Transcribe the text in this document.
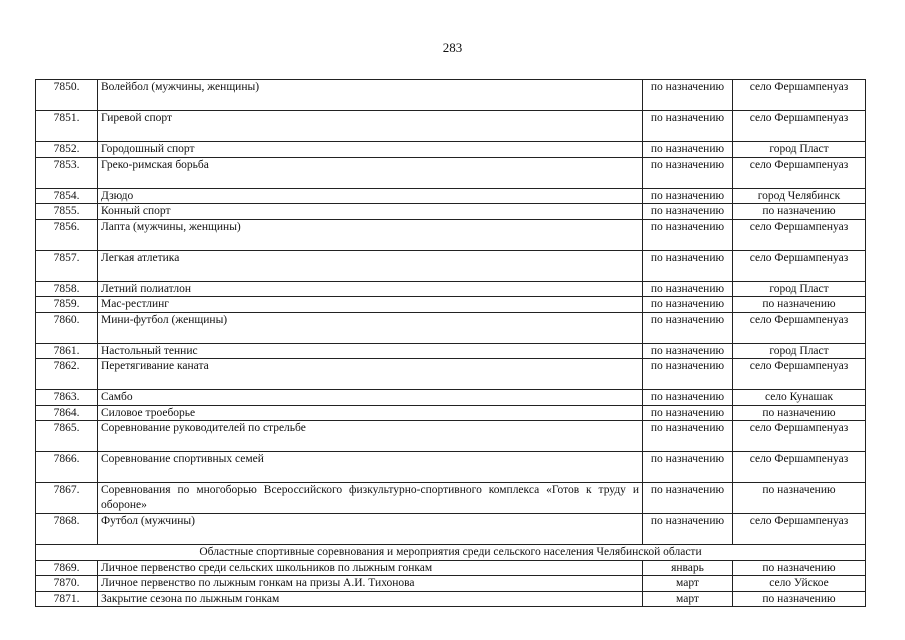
283
7850.	Волейбол (мужчины, женщины)	по назначению	село Фершампенуаз
7851.	Гиревой спорт	по назначению	село Фершампенуаз
7852.	Городошный спорт	по назначению	город Пласт
7853.	Греко-римская борьба	по назначению	село Фершампенуаз
7854.	Дзюдо	по назначению	город Челябинск
7855.	Конный спорт	по назначению	по назначению
7856.	Лапта (мужчины, женщины)	по назначению	село Фершампенуаз
7857.	Легкая атлетика	по назначению	село Фершампенуаз
7858.	Летний полиатлон	по назначению	город Пласт
7859.	Мас-рестлинг	по назначению	по назначению
7860.	Мини-футбол (женщины)	по назначению	село Фершампенуаз
7861.	Настольный теннис	по назначению	город Пласт
7862.	Перетягивание каната	по назначению	село Фершампенуаз
7863.	Самбо	по назначению	село Кунашак
7864.	Силовое троеборье	по назначению	по назначению
7865.	Соревнование руководителей по стрельбе	по назначению	село Фершампенуаз
7866.	Соревнование спортивных семей	по назначению	село Фершампенуаз
7867.	Соревнования по многоборью Всероссийского физкультурно-спортивного комплекса «Готов к труду и обороне»	по назначению	по назначению
7868.	Футбол (мужчины)	по назначению	село Фершампенуаз
Областные спортивные соревнования и мероприятия среди сельского населения Челябинской области			
7869.	Личное первенство среди сельских школьников по лыжным гонкам	январь	по назначению
7870.	Личное первенство по лыжным гонкам на призы А.И. Тихонова	март	село Уйское
7871.	Закрытие сезона по лыжным гонкам	март	по назначению
